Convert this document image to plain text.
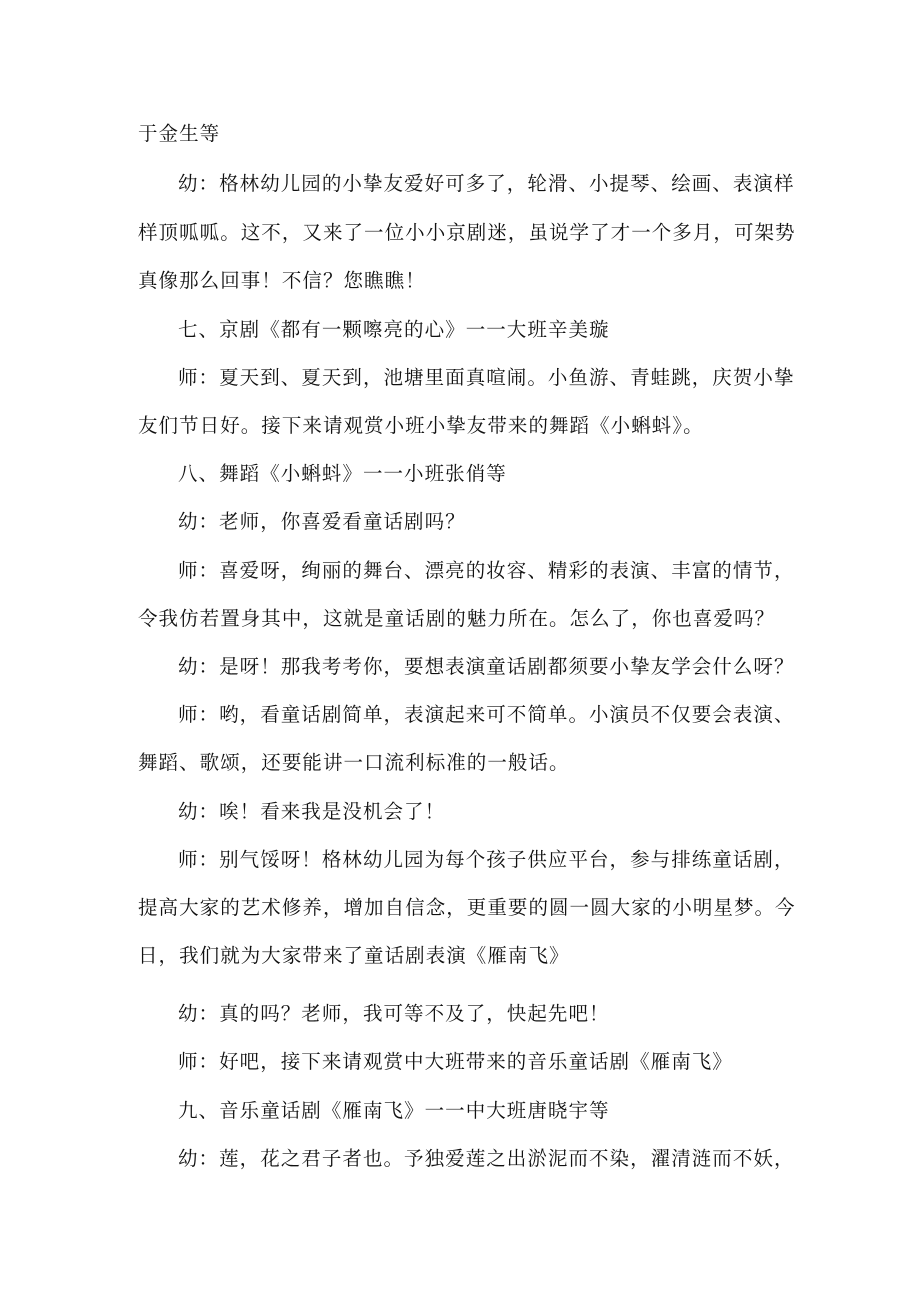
于金生等
幼：格林幼儿园的小挚友爱好可多了，轮滑、小提琴、绘画、表演样
样顶呱呱。这不，又来了一位小小京剧迷，虽说学了才一个多月，可架势
真像那么回事！不信？您瞧瞧！
七、京剧《都有一颗嚓亮的心》一一大班辛美璇
师：夏天到、夏天到，池塘里面真喧闹。小鱼游、青蛙跳，庆贺小挚
友们节日好。接下来请观赏小班小挚友带来的舞蹈《小蝌蚪》。
八、舞蹈《小蝌蚪》一一小班张俏等
幼：老师，你喜爱看童话剧吗？
师：喜爱呀，绚丽的舞台、漂亮的妆容、精彩的表演、丰富的情节，
令我仿若置身其中，这就是童话剧的魅力所在。怎么了，你也喜爱吗？
幼：是呀！那我考考你，要想表演童话剧都须要小挚友学会什么呀？
师：哟，看童话剧简单，表演起来可不简单。小演员不仅要会表演、
舞蹈、歌颂，还要能讲一口流利标准的一般话。
幼：唉！看来我是没机会了！
师：别气馁呀！格林幼儿园为每个孩子供应平台，参与排练童话剧，
提高大家的艺术修养，增加自信念，更重要的圆一圆大家的小明星梦。今
日，我们就为大家带来了童话剧表演《雁南飞》
幼：真的吗？老师，我可等不及了，快起先吧！
师：好吧，接下来请观赏中大班带来的音乐童话剧《雁南飞》
九、音乐童话剧《雁南飞》一一中大班唐晓宇等
幼：莲，花之君子者也。予独爱莲之出淤泥而不染，濯清涟而不妖，
